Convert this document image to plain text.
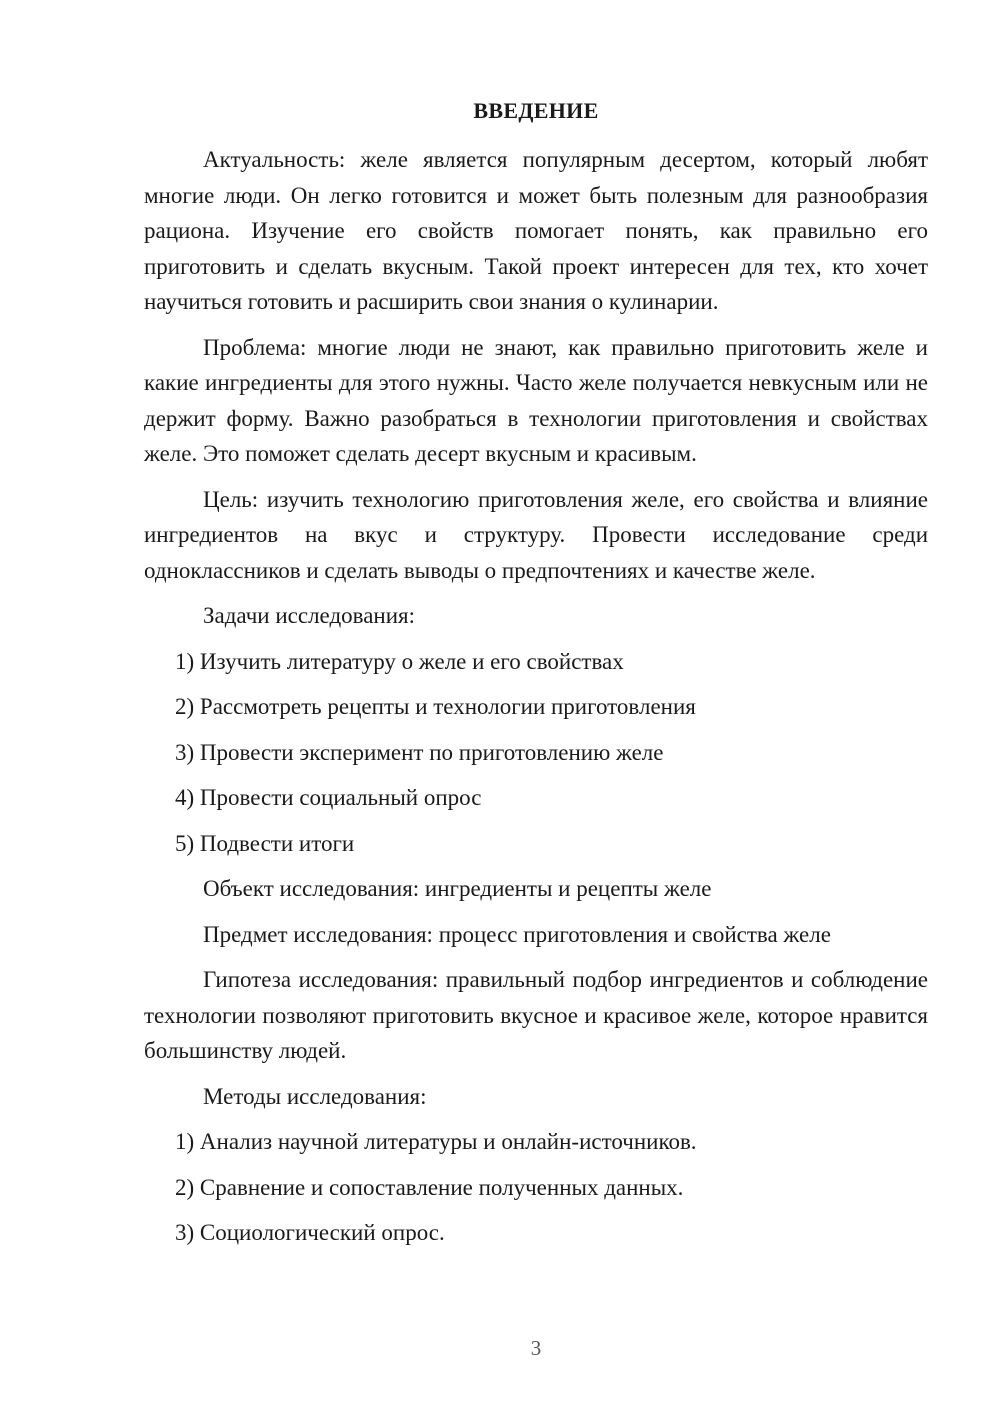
ВВЕДЕНИЕ

Актуальность: желе является популярным десертом, который любят многие люди. Он легко готовится и может быть полезным для разнообразия рациона. Изучение его свойств помогает понять, как правильно его приготовить и сделать вкусным. Такой проект интересен для тех, кто хочет научиться готовить и расширить свои знания о кулинарии.

Проблема: многие люди не знают, как правильно приготовить желе и какие ингредиенты для этого нужны. Часто желе получается невкусным или не держит форму. Важно разобраться в технологии приготовления и свойствах желе. Это поможет сделать десерт вкусным и красивым.

Цель: изучить технологию приготовления желе, его свойства и влияние ингредиентов на вкус и структуру. Провести исследование среди одноклассников и сделать выводы о предпочтениях и качестве желе.

Задачи исследования:

1) Изучить литературу о желе и его свойствах

2) Рассмотреть рецепты и технологии приготовления

3) Провести эксперимент по приготовлению желе

4) Провести социальный опрос

5) Подвести итоги

Объект исследования: ингредиенты и рецепты желе

Предмет исследования: процесс приготовления и свойства желе

Гипотеза исследования: правильный подбор ингредиентов и соблюдение технологии позволяют приготовить вкусное и красивое желе, которое нравится большинству людей.

Методы исследования:

1) Анализ научной литературы и онлайн-источников.

2) Сравнение и сопоставление полученных данных.

3) Социологический опрос.

3
